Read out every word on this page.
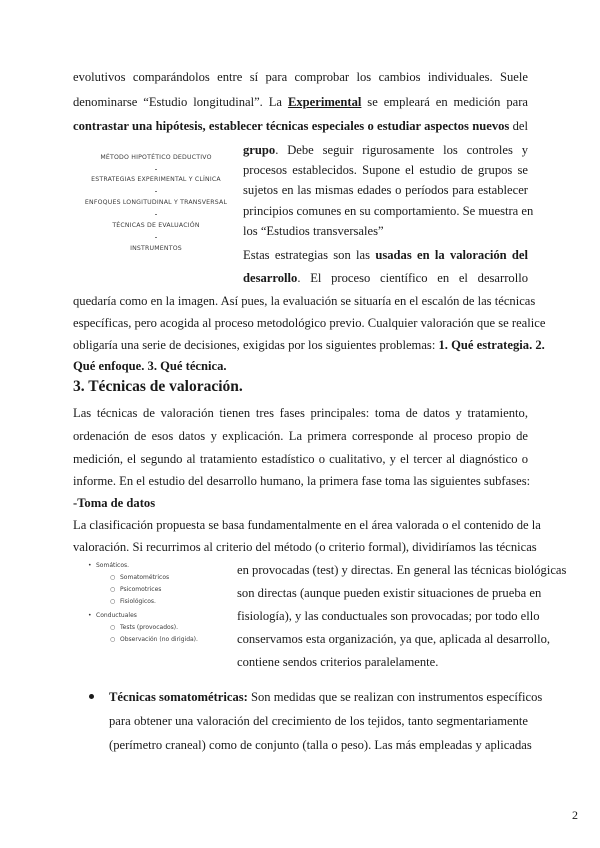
evolutivos comparándolos entre sí para comprobar los cambios individuales. Suele
denominarse “Estudio longitudinal”. La Experimental se empleará en medición para
contrastar una hipótesis, establecer técnicas especiales o estudiar aspectos nuevos del
MÉTODO HIPOTÉTICO DEDUCTIVO
ESTRATEGIAS EXPERIMENTAL Y CLÍNICA
ENFOQUES LONGITUDINAL Y TRANSVERSAL
TÉCNICAS DE EVALUACIÓN
INSTRUMENTOS
grupo. Debe seguir rigurosamente los controles y
procesos establecidos. Supone el estudio de grupos se
sujetos en las mismas edades o períodos para establecer
principios comunes en su comportamiento. Se muestra en
los “Estudios transversales”
Estas estrategias son las usadas en la valoración del
desarrollo. El proceso científico en el desarrollo
quedaría como en la imagen. Así pues, la evaluación se situaría en el escalón de las técnicas
específicas, pero acogida al proceso metodológico previo. Cualquier valoración que se realice
obligaría una serie de decisiones, exigidas por los siguientes problemas: 1. Qué estrategia. 2.
Qué enfoque. 3. Qué técnica.
3. Técnicas de valoración.
Las técnicas de valoración tienen tres fases principales: toma de datos y tratamiento,
ordenación de esos datos y explicación. La primera corresponde al proceso propio de
medición, el segundo al tratamiento estadístico o cualitativo, y el tercer al diagnóstico o
informe. En el estudio del desarrollo humano, la primera fase toma las siguientes subfases:
-Toma de datos
La clasificación propuesta se basa fundamentalmente en el área valorada o el contenido de la
valoración. Si recurrimos al criterio del método (o criterio formal), dividiríamos las técnicas
• Somáticos.
○ Somatométricos
○ Psicomotrices
○ Fisiológicos.
• Conductuales
○ Tests (provocados).
○ Observación (no dirigida).
en provocadas (test) y directas. En general las técnicas biológicas
son directas (aunque pueden existir situaciones de prueba en
fisiología), y las conductuales son provocadas; por todo ello
conservamos esta organización, ya que, aplicada al desarrollo,
contiene sendos criterios paralelamente.
Técnicas somatométricas: Son medidas que se realizan con instrumentos específicos
para obtener una valoración del crecimiento de los tejidos, tanto segmentariamente
(perímetro craneal) como de conjunto (talla o peso). Las más empleadas y aplicadas
2
